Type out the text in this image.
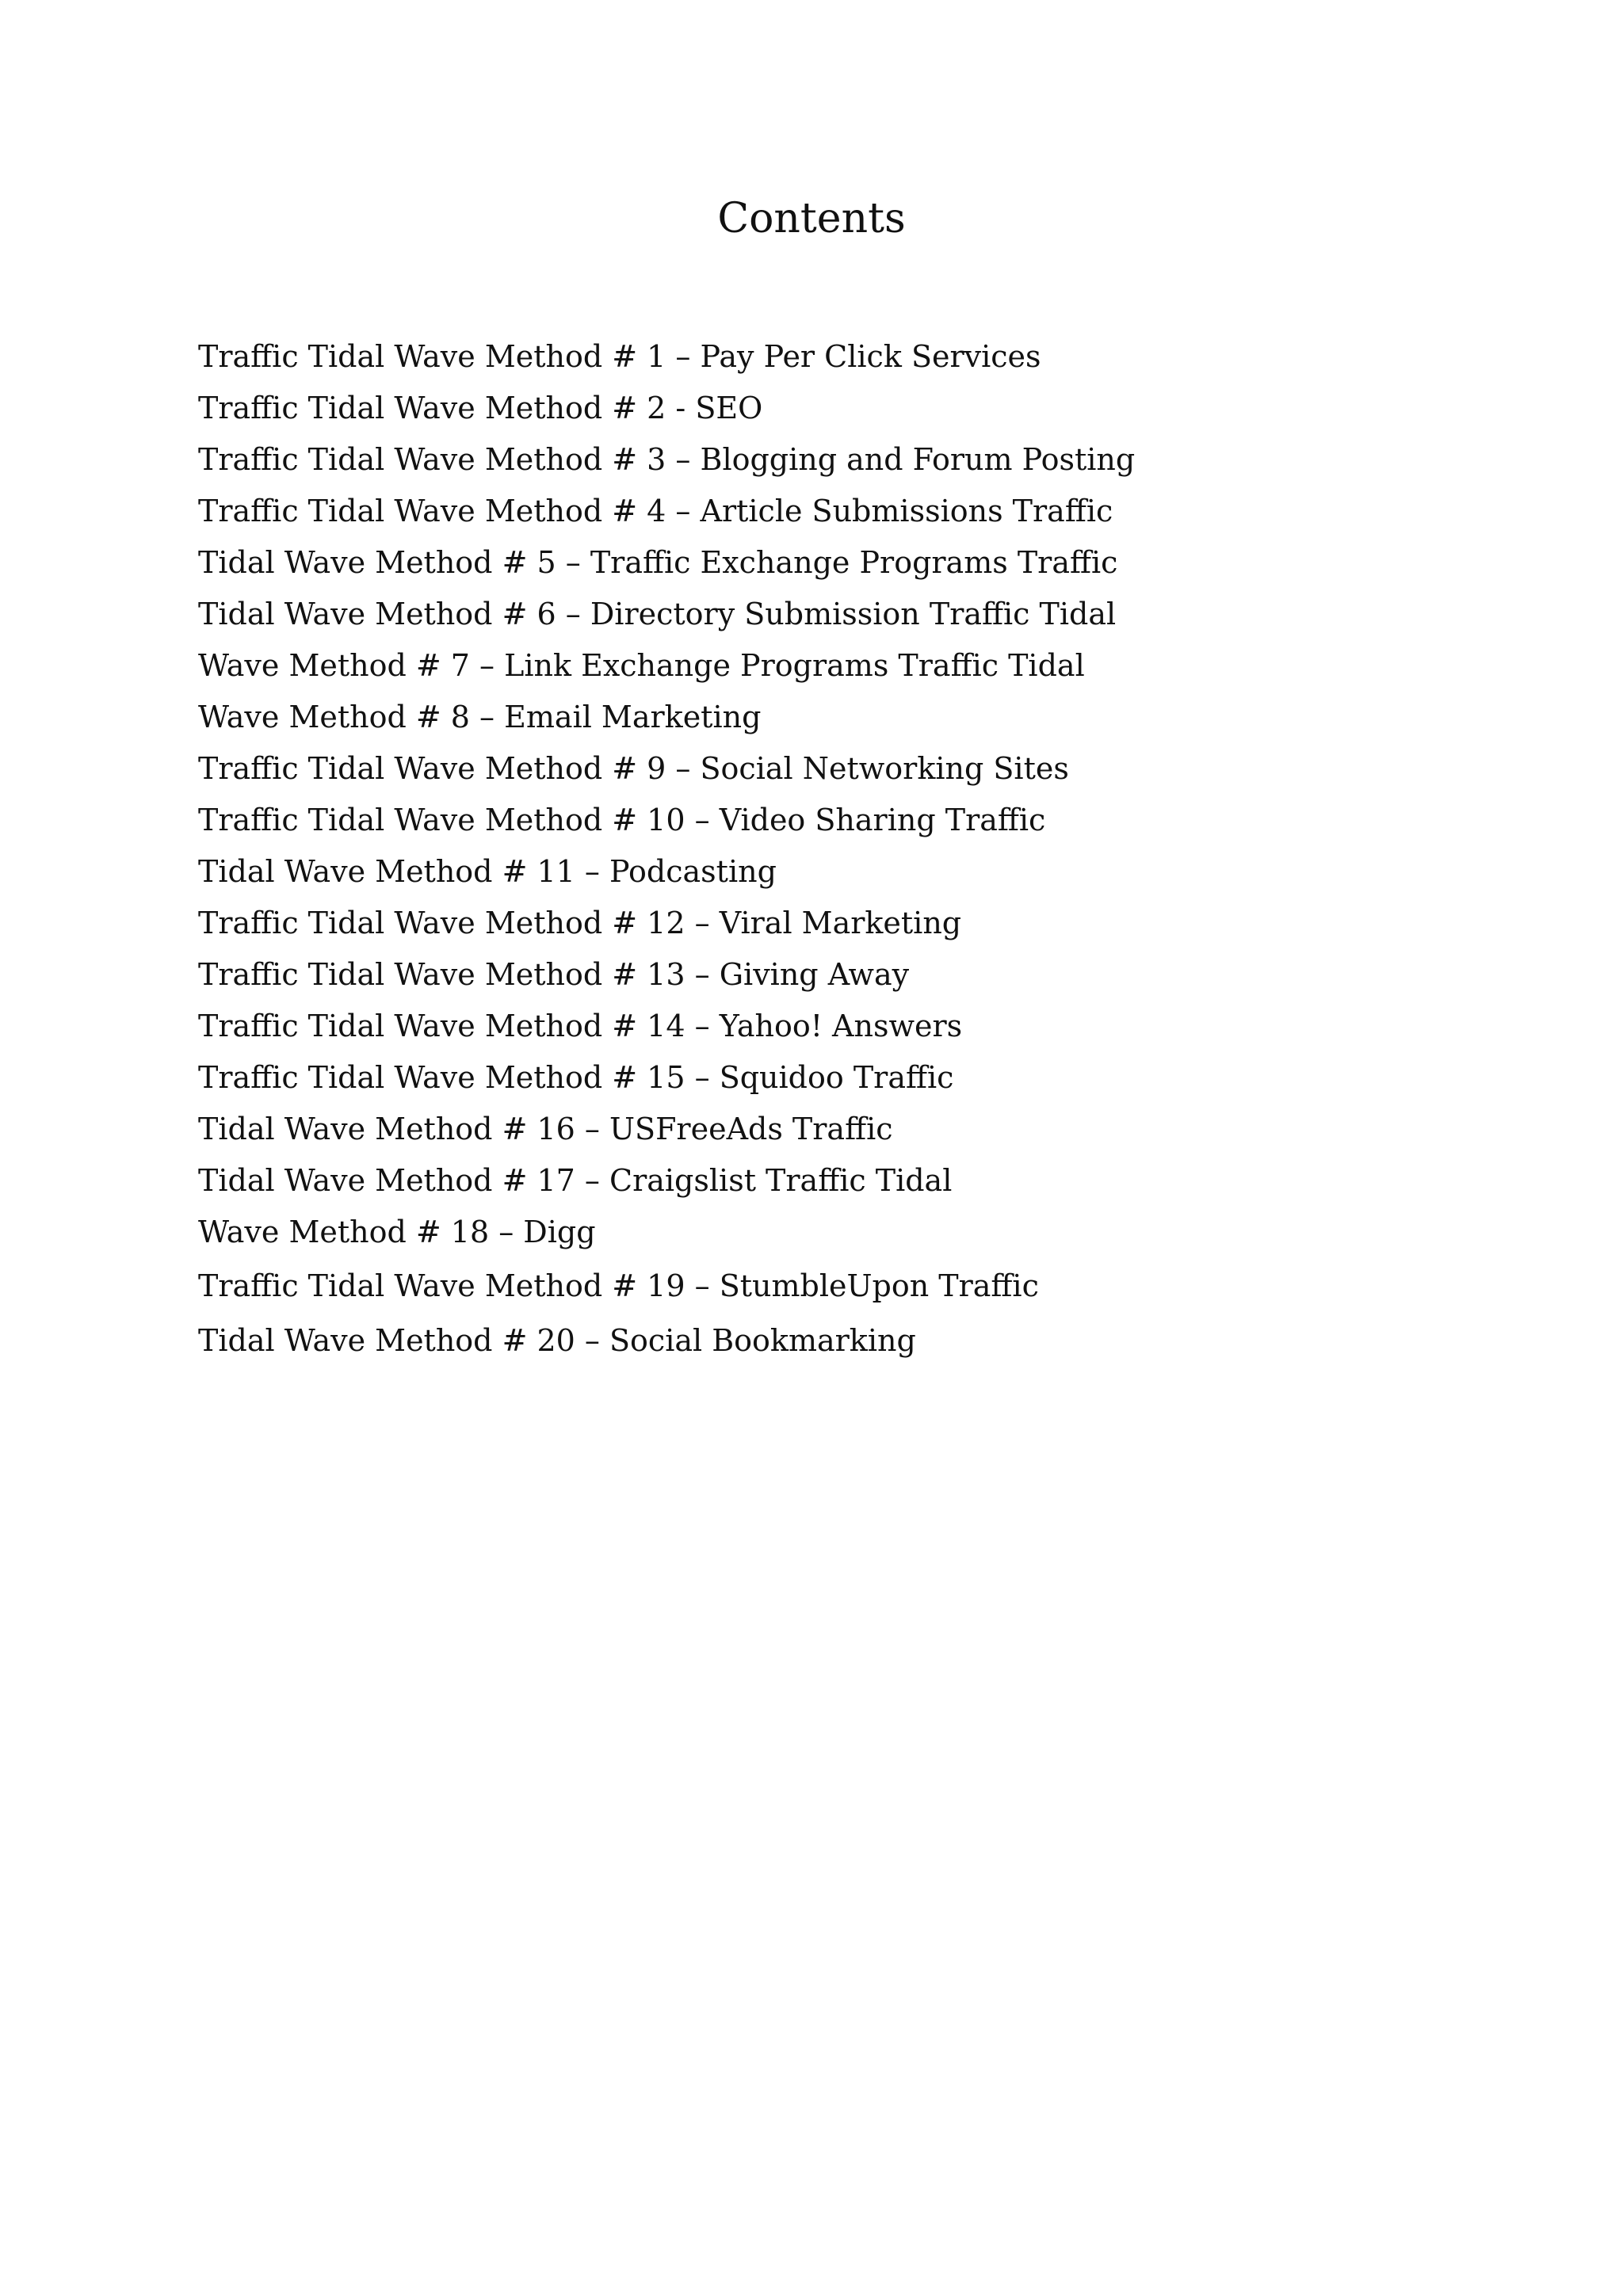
Contents
Traffic Tidal Wave Method # 1 – Pay Per Click Services
Traffic Tidal Wave Method # 2 - SEO
Traffic Tidal Wave Method # 3 – Blogging and Forum Posting
Traffic Tidal Wave Method # 4 – Article Submissions Traffic
Tidal Wave Method # 5 – Traffic Exchange Programs Traffic
Tidal Wave Method # 6 – Directory Submission Traffic Tidal
Wave Method # 7 – Link Exchange Programs Traffic Tidal
Wave Method # 8 – Email Marketing
Traffic Tidal Wave Method # 9 – Social Networking Sites
Traffic Tidal Wave Method # 10 – Video Sharing Traffic
Tidal Wave Method # 11 – Podcasting
Traffic Tidal Wave Method # 12 – Viral Marketing
Traffic Tidal Wave Method # 13 – Giving Away
Traffic Tidal Wave Method # 14 – Yahoo! Answers
Traffic Tidal Wave Method # 15 – Squidoo Traffic
Tidal Wave Method # 16 – USFreeAds Traffic
Tidal Wave Method # 17 – Craigslist Traffic Tidal
Wave Method # 18 – Digg
Traffic Tidal Wave Method # 19 – StumbleUpon Traffic
Tidal Wave Method # 20 – Social Bookmarking
